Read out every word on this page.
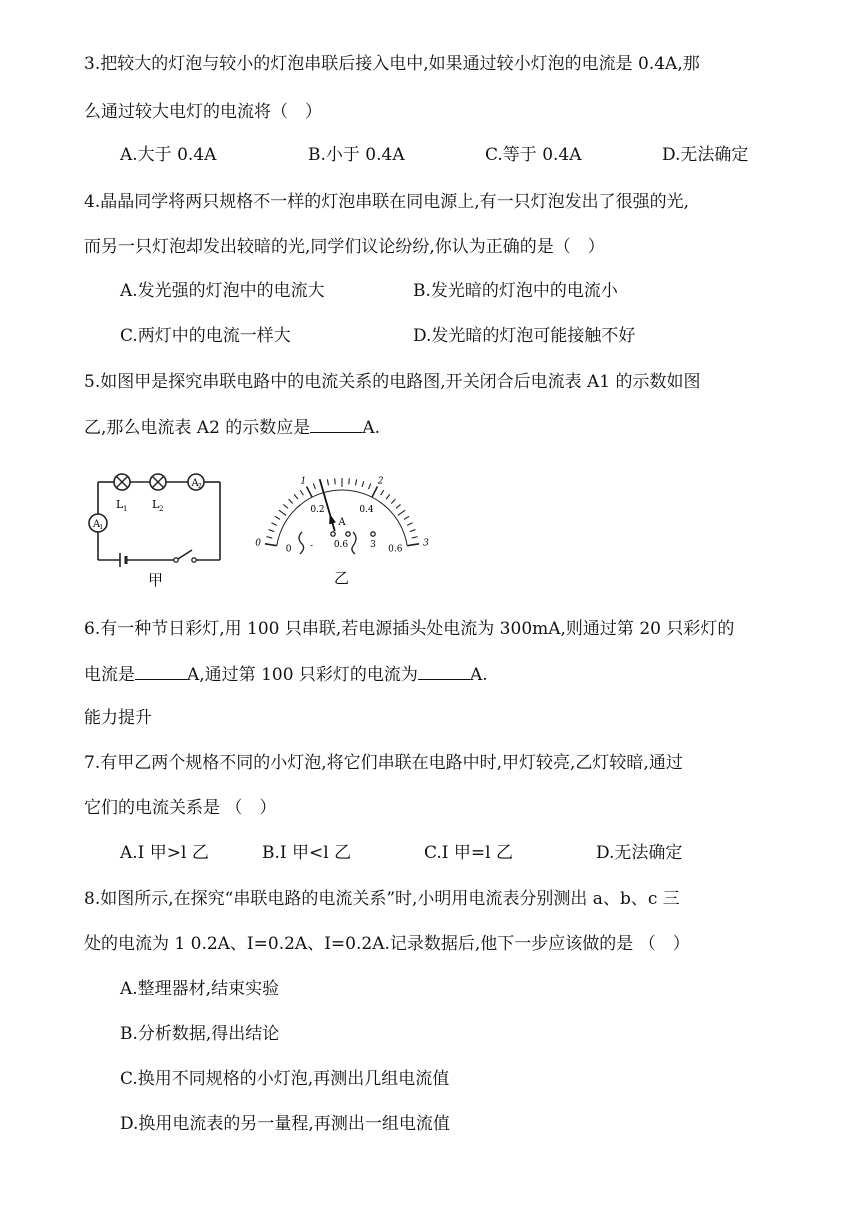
3.把较大的灯泡与较小的灯泡串联后接入电中,如果通过较小灯泡的电流是 0.4A,那
么通过较大电灯的电流将（　）
A.大于 0.4A	B.小于 0.4A	C.等于 0.4A	D.无法确定
4.晶晶同学将两只规格不一样的灯泡串联在同电源上,有一只灯泡发出了很强的光,
而另一只灯泡却发出较暗的光,同学们议论纷纷,你认为正确的是（　）
A.发光强的灯泡中的电流大	B.发光暗的灯泡中的电流小
C.两灯中的电流一样大	D.发光暗的灯泡可能接触不好
5.如图甲是探究串联电路中的电流关系的电路图,开关闭合后电流表 A1 的示数如图
乙,那么电流表 A2 的示数应是	A.
A 2
A 1
L 1 L 2
甲
0
1	2
3
0
0.2	0.4
0.6
A
- 0.6 3
乙
6.有一种节日彩灯,用 100 只串联,若电源插头处电流为 300mA,则通过第 20 只彩灯的
电流是	A,通过第 100 只彩灯的电流为	A.
能力提升
7.有甲乙两个规格不同的小灯泡,将它们串联在电路中时,甲灯较亮,乙灯较暗,通过
它们的电流关系是 （　）
A.I 甲>l 乙	B.I 甲<l 乙	C.I 甲=l 乙	D.无法确定
8.如图所示,在探究“串联电路的电流关系”时,小明用电流表分别测出 a、b、c 三
处的电流为 1 0.2A、I=0.2A、I=0.2A.记录数据后,他下一步应该做的是 （　）
A.整理器材,结束实验
B.分析数据,得出结论
C.换用不同规格的小灯泡,再测出几组电流值
D.换用电流表的另一量程,再测出一组电流值
